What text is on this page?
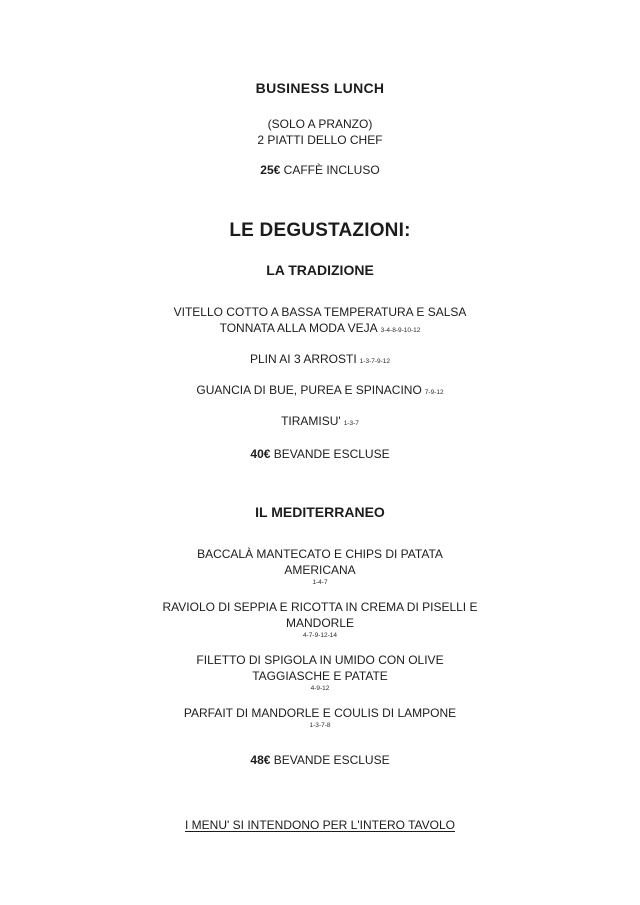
BUSINESS LUNCH

(SOLO A PRANZO)

2 PIATTI DELLO CHEF

25€ CAFFÈ INCLUSO

LE DEGUSTAZIONI:
LA TRADIZIONE

VITELLO COTTO A BASSA TEMPERATURA E SALSA
TONNATA ALLA MODA VEJA 3-4-8-9-10-12

PLIN AI 3 ARROSTI 1-3-7-9-12

GUANCIA DI BUE, PUREA E SPINACINO 7-9-12

TIRAMISU' 1-3-7

40€ BEVANDE ESCLUSE

IL MEDITERRANEO

BACCALÀ MANTECATO E CHIPS DI PATATA
AMERICANA
1-4-7

RAVIOLO DI SEPPIA E RICOTTA IN CREMA DI PISELLI E
MANDORLE
4-7-9-12-14

FILETTO DI SPIGOLA IN UMIDO CON OLIVE
TAGGIASCHE E PATATE
4-9-12

PARFAIT DI MANDORLE E COULIS DI LAMPONE
1-3-7-8

48€ BEVANDE ESCLUSE

I MENU' SI INTENDONO PER L'INTERO TAVOLO
